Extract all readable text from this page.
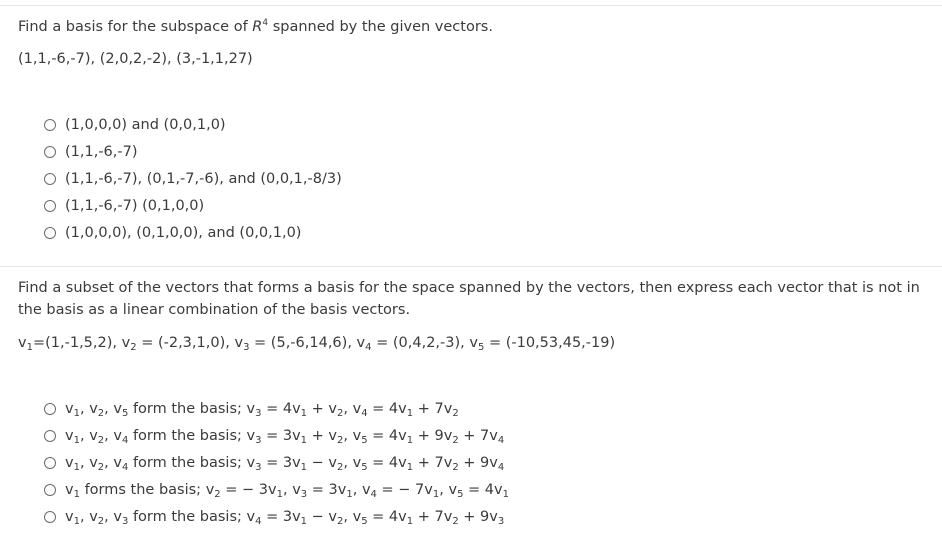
Find a basis for the subspace of $R^4$ spanned by the given vectors.
(1,1,-6,-7), (2,0,2,-2), (3,-1,1,27)
(1,0,0,0) and (0,0,1,0)
(1,1,-6,-7)
(1,1,-6,-7), (0,1,-7,-6), and (0,0,1,-8/3)
(1,1,-6,-7) (0,1,0,0)
(1,0,0,0), (0,1,0,0), and (0,0,1,0)
Find a subset of the vectors that forms a basis for the space spanned by the vectors, then express each vector that is not in the basis as a linear combination of the basis vectors.
$v_1=(1,-1,5,2)$, $v_2 = (-2,3,1,0)$, $v_3 = (5,-6,14,6)$, $v_4 = (0,4,2,-3)$, $v_5 = (-10,53,45,-19)$
$v_1$, $v_2$, $v_5$ form the basis; $v_3 = 4v_1 + v_2$, $v_4 = 4v_1 + 7v_2$
$v_1$, $v_2$, $v_4$ form the basis; $v_3 = 3v_1 + v_2$, $v_5 = 4v_1 + 9v_2 + 7v_4$
$v_1$, $v_2$, $v_4$ form the basis; $v_3 = 3v_1 - v_2$, $v_5 = 4v_1 + 7v_2 + 9v_4$
$v_1$ forms the basis; $v_2$ = − $3v_1$, $v_3 = 3v_1$, $v_4$ = − $7v_1$, $v_5 = 4v_1$
$v_1$, $v_2$, $v_3$ form the basis; $v_4 = 3v_1 - v_2$, $v_5 = 4v_1 + 7v_2 + 9v_3$
